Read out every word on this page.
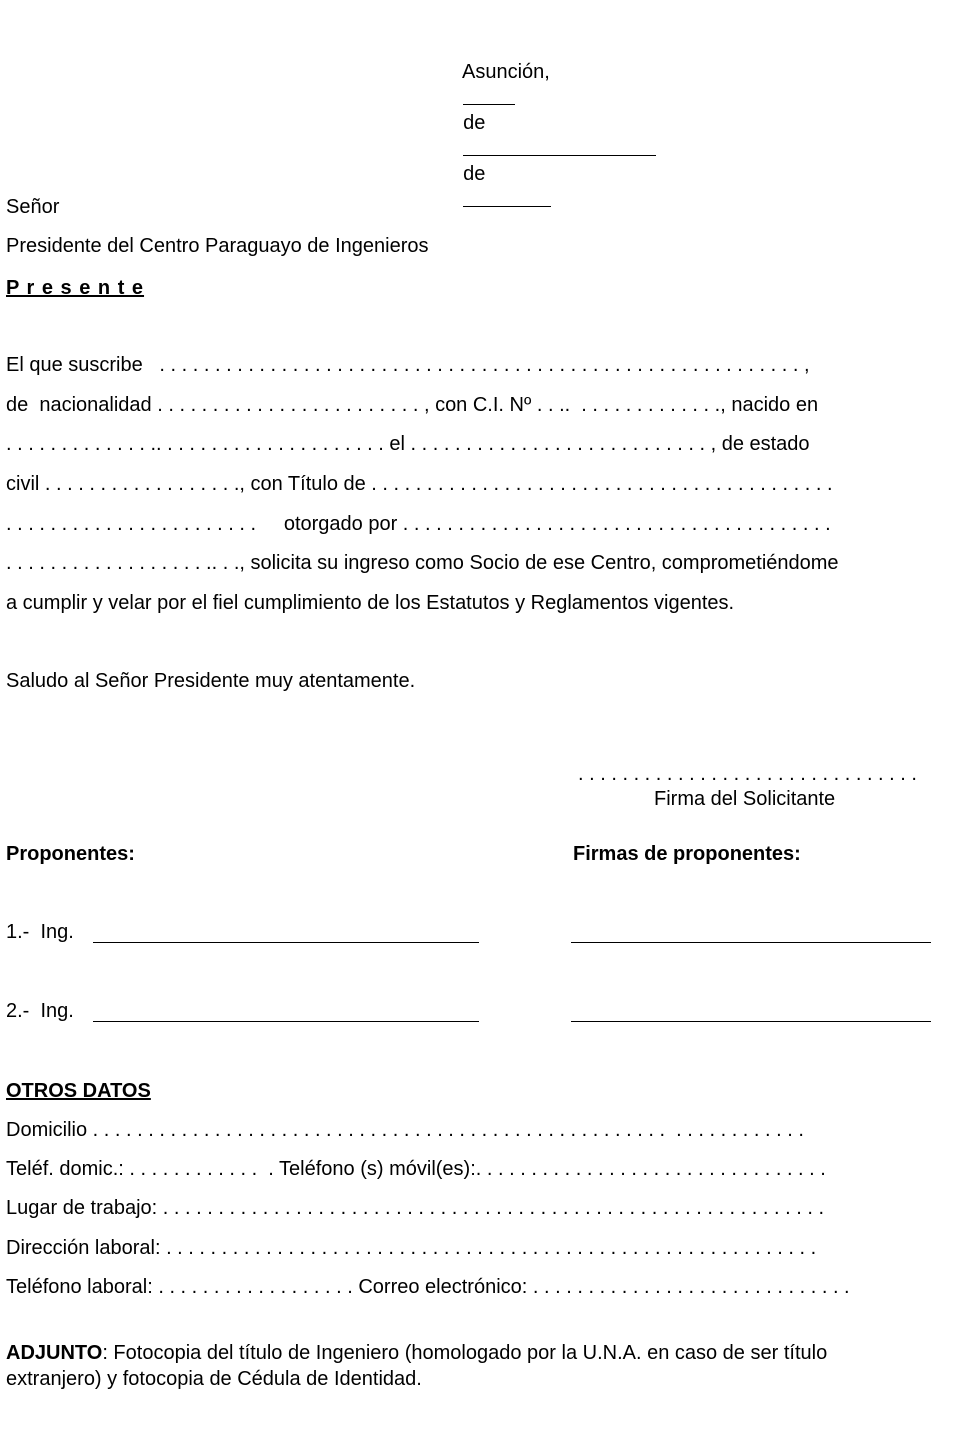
Asunción,

de

de

Señor
Presidente del Centro Paraguayo de Ingenieros
P r e s e n t e
El que suscribe   . . . . . . . . . . . . . . . . . . . . . . . . . . . . . . . . . . . . . . . . . . . . . . . . . . . . . . . . . . ,
de  nacionalidad . . . . . . . . . . . . . . . . . . . . . . . . , con C.I. Nº . . ..  . . . . . . . . . . . . ., nacido en
. . . . . . . . . . . . . .. . . . . . . . . . . . . . . . . . . . . el . . . . . . . . . . . . . . . . . . . . . . . . . . . , de estado
civil . . . . . . . . . . . . . . . . . ., con Título de . . . . . . . . . . . . . . . . . . . . . . . . . . . . . . . . . . . . . . . . . .
. . . . . . . . . . . . . . . . . . . . . . .     otorgado por . . . . . . . . . . . . . . . . . . . . . . . . . . . . . . . . . . . . . . .
. . . . . . . . . . . . . . . . . . .. . ., solicita su ingreso como Socio de ese Centro, comprometiéndome
a cumplir y velar por el fiel cumplimiento de los Estatutos y Reglamentos vigentes.
Saludo al Señor Presidente muy atentamente.
. . . . . . . . . . . . . . . . . . . . . . . . . . . . . . .
Firma del Solicitante
Proponentes:	Firmas de proponentes:
1.-  Ing.
2.-  Ing.
OTROS DATOS
Domicilio . . . . . . . . . . . . . . . . . . . . . . . . . . . . . . . . . . . . . . . . . . . . . . . . . . . .  . . . . . . . . . . . .
Teléf. domic.: . . . . . . . . . . . .  . Teléfono (s) móvil(es):. . . . . . . . . . . . . . . . . . . . . . . . . . . . . . . .
Lugar de trabajo: . . . . . . . . . . . . . . . . . . . . . . . . . . . . . . . . . . . . . . . . . . . . . . . . . . . . . . . . . . . .
Dirección laboral: . . . . . . . . . . . . . . . . . . . . . . . . . . . . . . . . . . . . . . . . . . . . . . . . . . . . . . . . . . .
Teléfono laboral: . . . . . . . . . . . . . . . . . . Correo electrónico: . . . . . . . . . . . . . . . . . . . . . . . . . . . . .
ADJUNTO: Fotocopia del título de Ingeniero (homologado por la U.N.A. en caso de ser título
extranjero) y fotocopia de Cédula de Identidad.
